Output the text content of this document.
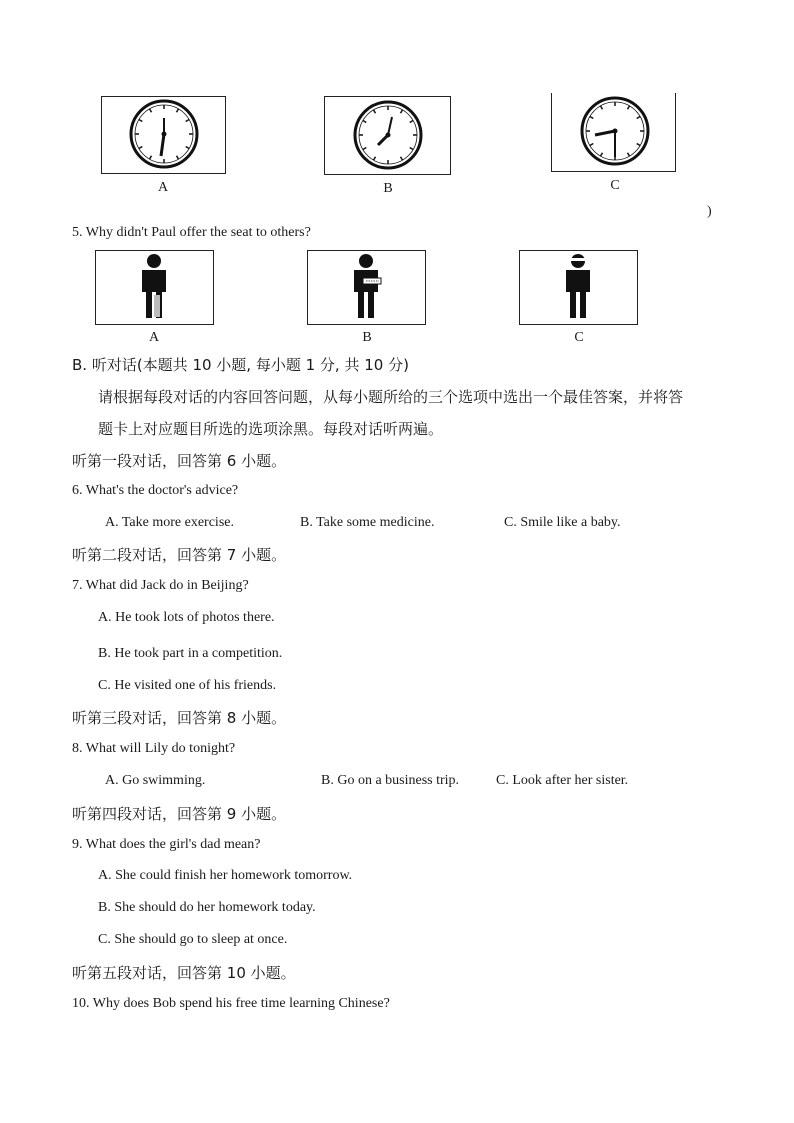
A	B	C
)
5. Why didn't Paul offer the seat to others?
A	B	C
B. 听对话(本题共 10 小题, 每小题 1 分, 共 10 分)
请根据每段对话的内容回答问题，从每小题所给的三个选项中选出一个最佳答案，并将答
题卡上对应题目所选的选项涂黑。每段对话听两遍。
听第一段对话，回答第 6 小题。
6. What's the doctor's advice?
A. Take more exercise.	B. Take some medicine.	C. Smile like a baby.
听第二段对话，回答第 7 小题。
7. What did Jack do in Beijing?
A. He took lots of photos there.
B. He took part in a competition.
C. He visited one of his friends.
听第三段对话，回答第 8 小题。
8. What will Lily do tonight?
A. Go swimming.	B. Go on a business trip.	C. Look after her sister.
听第四段对话，回答第 9 小题。
9. What does the girl's dad mean?
A. She could finish her homework tomorrow.
B. She should do her homework today.
C. She should go to sleep at once.
听第五段对话，回答第 10 小题。
10. Why does Bob spend his free time learning Chinese?
